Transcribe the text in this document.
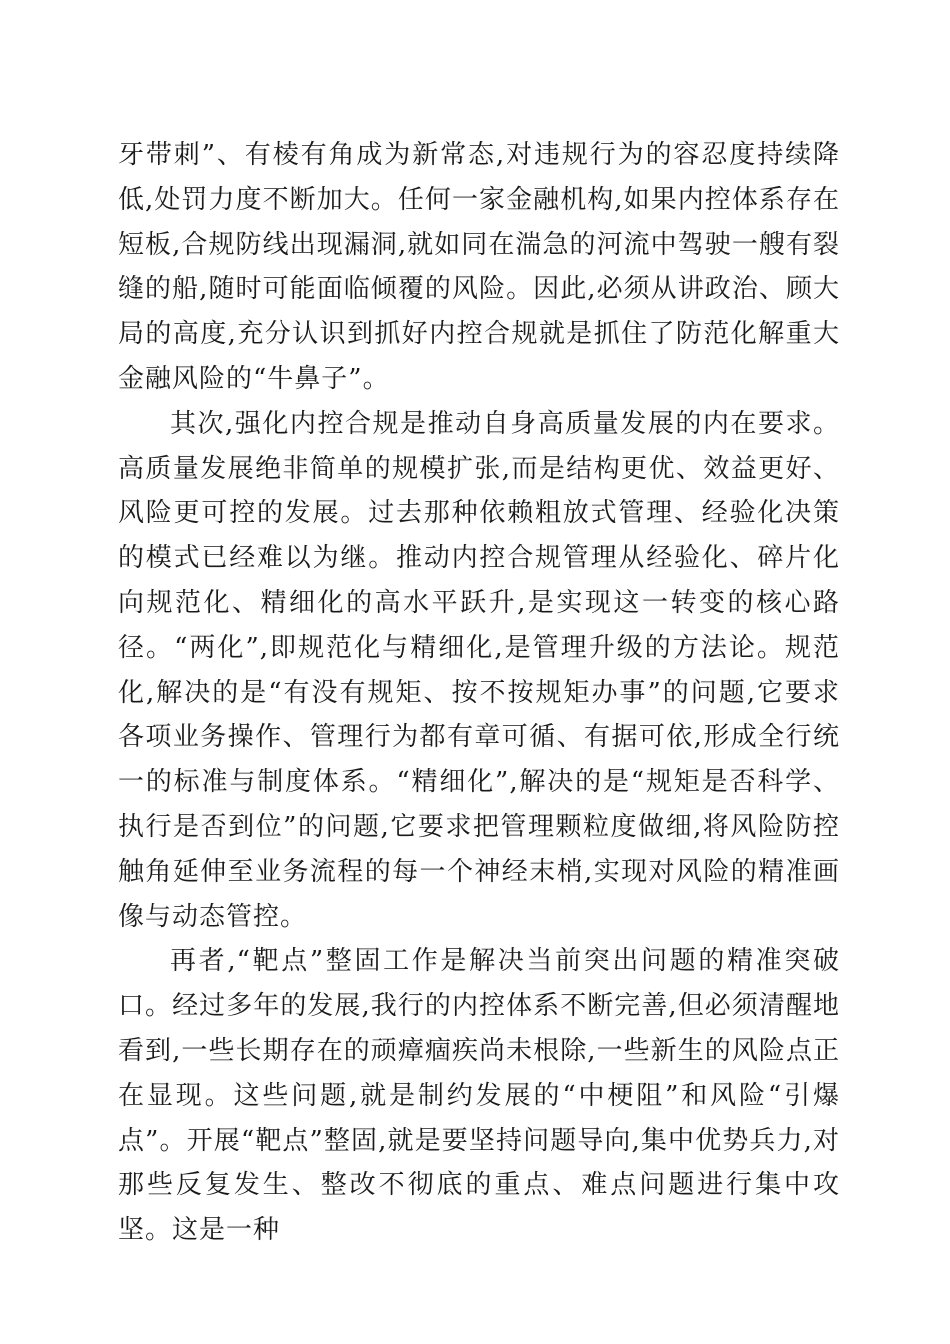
牙带刺”、有棱有角成为新常态,对违规行为的容忍度持续降低,处罚力度不断加大。任何一家金融机构,如果内控体系存在短板,合规防线出现漏洞,就如同在湍急的河流中驾驶一艘有裂缝的船,随时可能面临倾覆的风险。因此,必须从讲政治、顾大局的高度,充分认识到抓好内控合规就是抓住了防范化解重大金融风险的“牛鼻子”。

其次,强化内控合规是推动自身高质量发展的内在要求。高质量发展绝非简单的规模扩张,而是结构更优、效益更好、风险更可控的发展。过去那种依赖粗放式管理、经验化决策的模式已经难以为继。推动内控合规管理从经验化、碎片化向规范化、精细化的高水平跃升,是实现这一转变的核心路径。“两化”,即规范化与精细化,是管理升级的方法论。规范化,解决的是“有没有规矩、按不按规矩办事”的问题,它要求各项业务操作、管理行为都有章可循、有据可依,形成全行统一的标准与制度体系。“精细化”,解决的是“规矩是否科学、执行是否到位”的问题,它要求把管理颗粒度做细,将风险防控触角延伸至业务流程的每一个神经末梢,实现对风险的精准画像与动态管控。

再者,“靶点”整固工作是解决当前突出问题的精准突破口。经过多年的发展,我行的内控体系不断完善,但必须清醒地看到,一些长期存在的顽瘴痼疾尚未根除,一些新生的风险点正在显现。这些问题,就是制约发展的“中梗阻”和风险“引爆点”。开展“靶点”整固,就是要坚持问题导向,集中优势兵力,对那些反复发生、整改不彻底的重点、难点问题进行集中攻坚。这是一种
